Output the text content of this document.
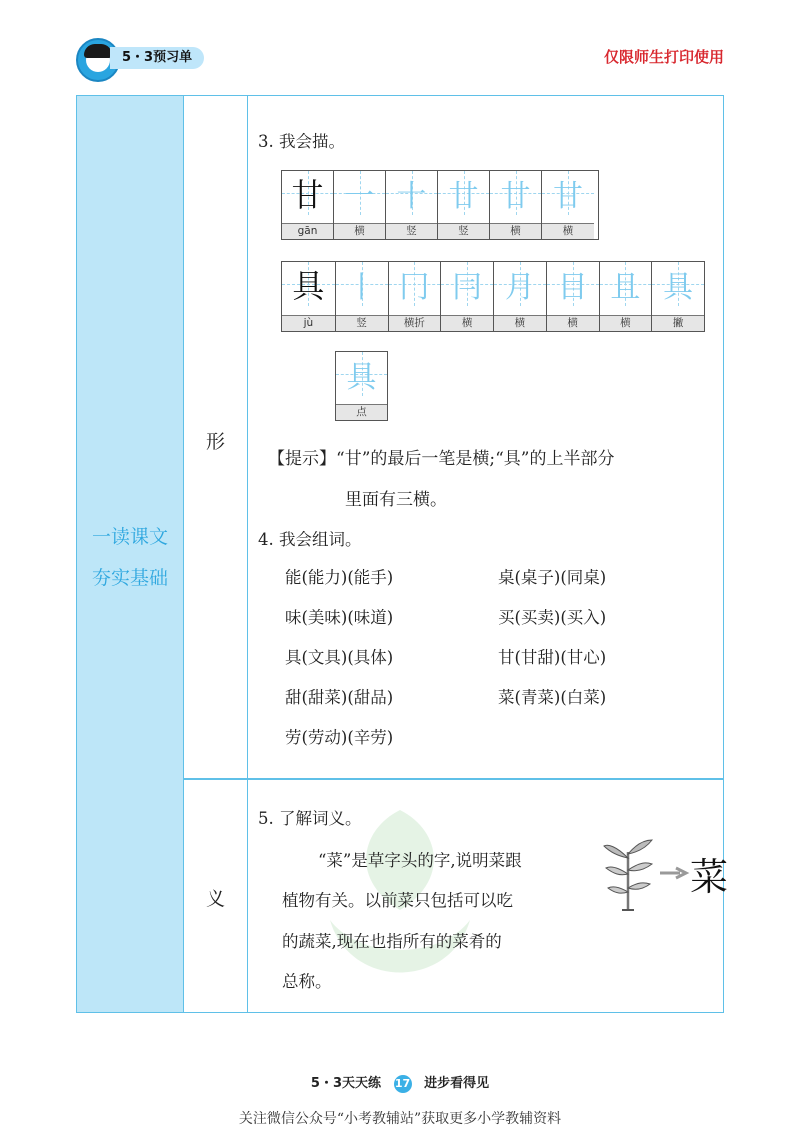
5・3预习单	仅限师生打印使用
一读课文
夯实基础
形
义
3. 我会描。
甘
gān
一
横
十
竖
廿
竖
廿
横
甘
横
具
jù
丨
竖
冂
横折
冃
横
月
横
目
横
且
横
具
撇
具
点
【提示】“甘”的最后一笔是横;“具”的上半部分
里面有三横。
4. 我会组词。
能(能力)(能手)
味(美味)(味道)
具(文具)(具体)
甜(甜菜)(甜品)
劳(劳动)(辛劳)
桌(桌子)(同桌)
买(买卖)(买入)
甘(甘甜)(甘心)
菜(青菜)(白菜)
5. 了解词义。
“菜”是草字头的字,说明菜跟
植物有关。以前菜只包括可以吃
的蔬菜,现在也指所有的菜肴的
总称。
菜
5・3天天练 17 进步看得见
关注微信公众号“小考教辅站”获取更多小学教辅资料
